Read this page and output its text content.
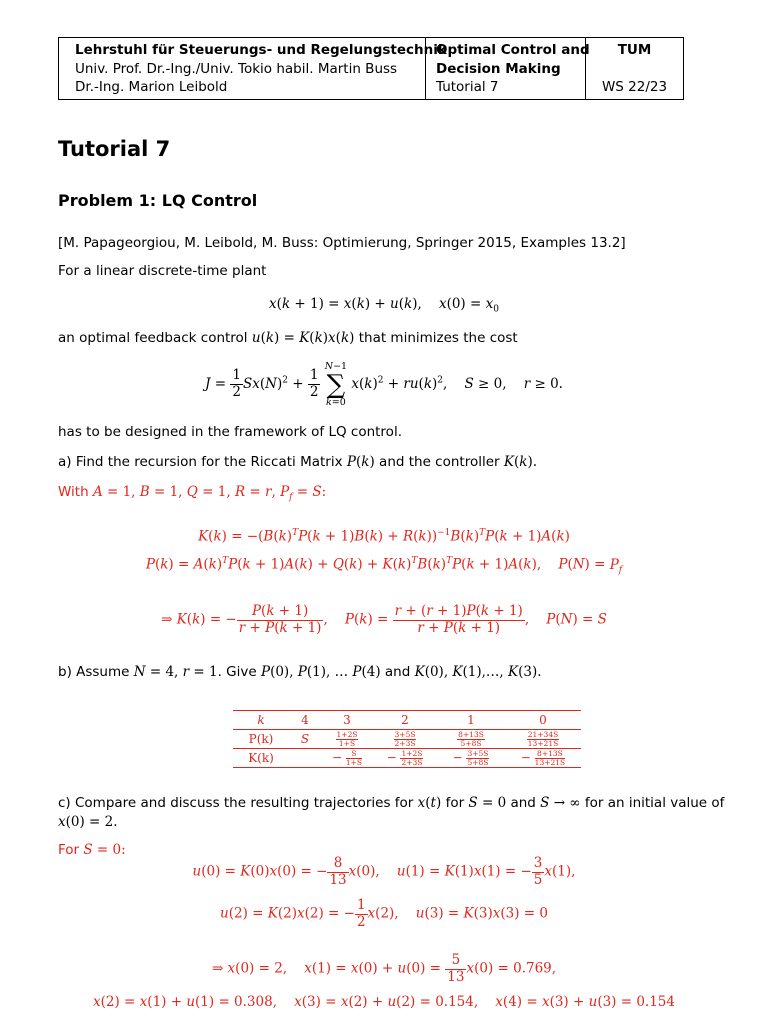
Lehrstuhl für Steuerungs- und Regelungstechnik
Univ. Prof. Dr.-Ing./Univ. Tokio habil. Martin Buss
Dr.-Ing. Marion Leibold
Optimal Control and
Decision Making
Tutorial 7
TUM
WS 22/23
Tutorial 7
Problem 1: LQ Control
[M. Papageorgiou, M. Leibold, M. Buss: Optimierung, Springer 2015, Examples 13.2]
For a linear discrete-time plant
x(k + 1) = x(k) + u(k),    $x(0) = x_0$
an optimal feedback control u(k) = K(k)x(k) that minimizes the cost
$J = \frac{1}{2} Sx(N)^2 + \frac{1}{2}$

N−1
∑
k=0
$x(k)^2 + ru(k)^2$,    S ≥ 0,    r ≥ 0.
has to be designed in the framework of LQ control.
a) Find the recursion for the Riccati Matrix P(k) and the controller K(k).
With A = 1, B = 1, Q = 1, R = r, $P_f = S$:
$K(k) = -(B(k)^TP(k + 1)B(k) + R(k))^{-1}B(k)^TP(k + 1)A(k)$
$P(k) = A(k)^TP(k + 1)A(k) + Q(k) + K(k)^TB(k)^TP(k + 1)A(k)$,    $P(N) = P_f$
⇒ K(k) = − $\frac{P(k + 1)}{r + P(k + 1)}$ ,    $P(k) = \frac{r + (r + 1)P(k + 1)}{r + P(k + 1)}$ ,    P(N) = S
b) Assume N = 4, r = 1. Give P(0), P(1), … P(4) and K(0), K(1),…, K(3).
k	4	3	2	1	0
P(k)	S	$\frac{1+2S}{1+S}$	$\frac{3+5S}{2+3S}$	$\frac{8+13S}{5+8S}$	$\frac{21+34S}{13+21S}$

K(k)		− $\frac{S}{1+S}$	− $\frac{1+2S}{2+3S}$	− $\frac{3+5S}{5+8S}$	− $\frac{8+13S}{13+21S}$
c) Compare and discuss the resulting trajectories for x(t) for S = 0 and S → ∞ for an initial value of
x(0) = 2.
For S = 0:
u(0) = K(0)x(0) = − $\frac{8}{13} x(0)$,    u(1) = K(1)x(1) = − $\frac{3}{5} x(1)$,
u(2) = K(2)x(2) = − $\frac{1}{2} x(2)$,    u(3) = K(3)x(3) = 0
⇒ x(0) = 2,    $x(1) = x(0) + u(0) = \frac{5}{13} x(0) = 0.769$,
x(2) = x(1) + u(1) = 0.308,    x(3) = x(2) + u(2) = 0.154,    x(4) = x(3) + u(3) = 0.154
